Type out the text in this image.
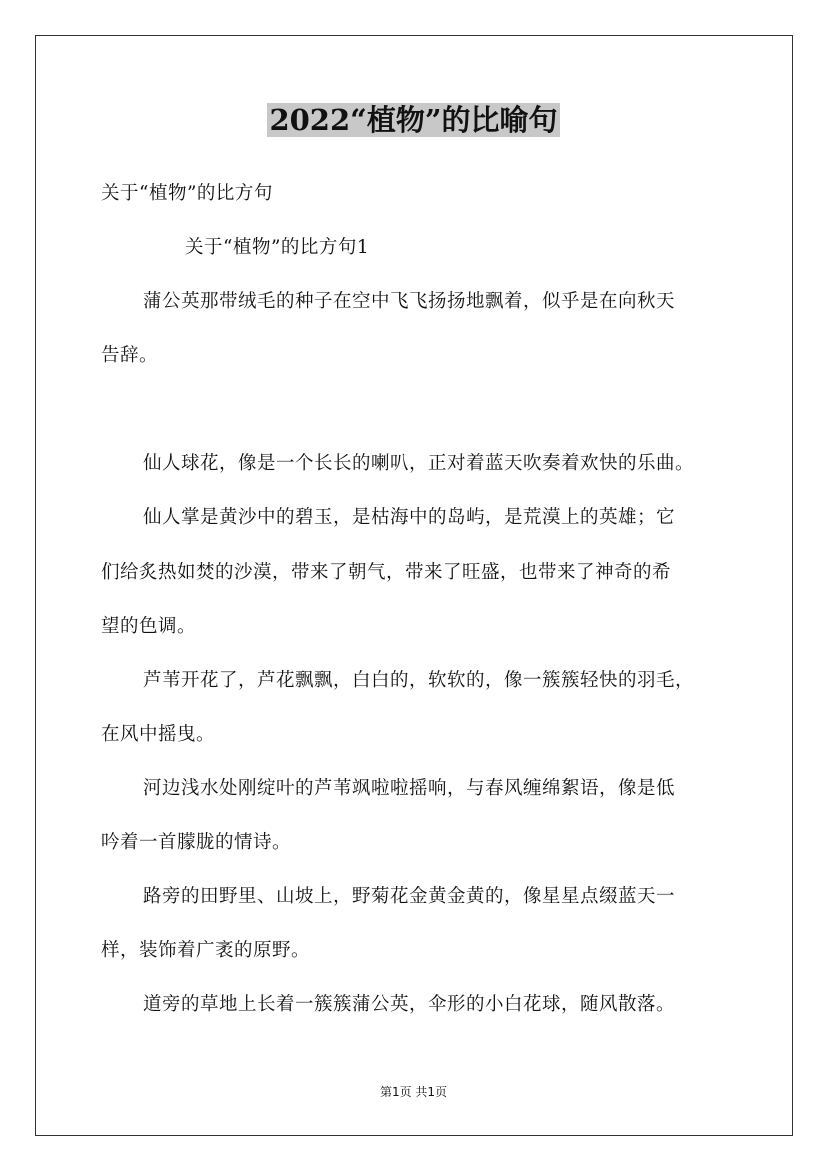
2022“植物”的比喻句
关于“植物”的比方句
关于“植物”的比方句1
蒲公英那带绒毛的种子在空中飞飞扬扬地飘着，似乎是在向秋天
告辞。
仙人球花，像是一个长长的喇叭，正对着蓝天吹奏着欢快的乐曲。
仙人掌是黄沙中的碧玉，是枯海中的岛屿，是荒漠上的英雄；它
们给炙热如焚的沙漠，带来了朝气，带来了旺盛，也带来了神奇的希
望的色调。
芦苇开花了，芦花飘飘，白白的，软软的，像一簇簇轻快的羽毛，
在风中摇曳。
河边浅水处刚绽叶的芦苇飒啦啦摇响，与春风缠绵絮语，像是低
吟着一首朦胧的情诗。
路旁的田野里、山坡上，野菊花金黄金黄的，像星星点缀蓝天一
样，装饰着广袤的原野。
道旁的草地上长着一簇簇蒲公英，伞形的小白花球，随风散落。
第1页 共1页
